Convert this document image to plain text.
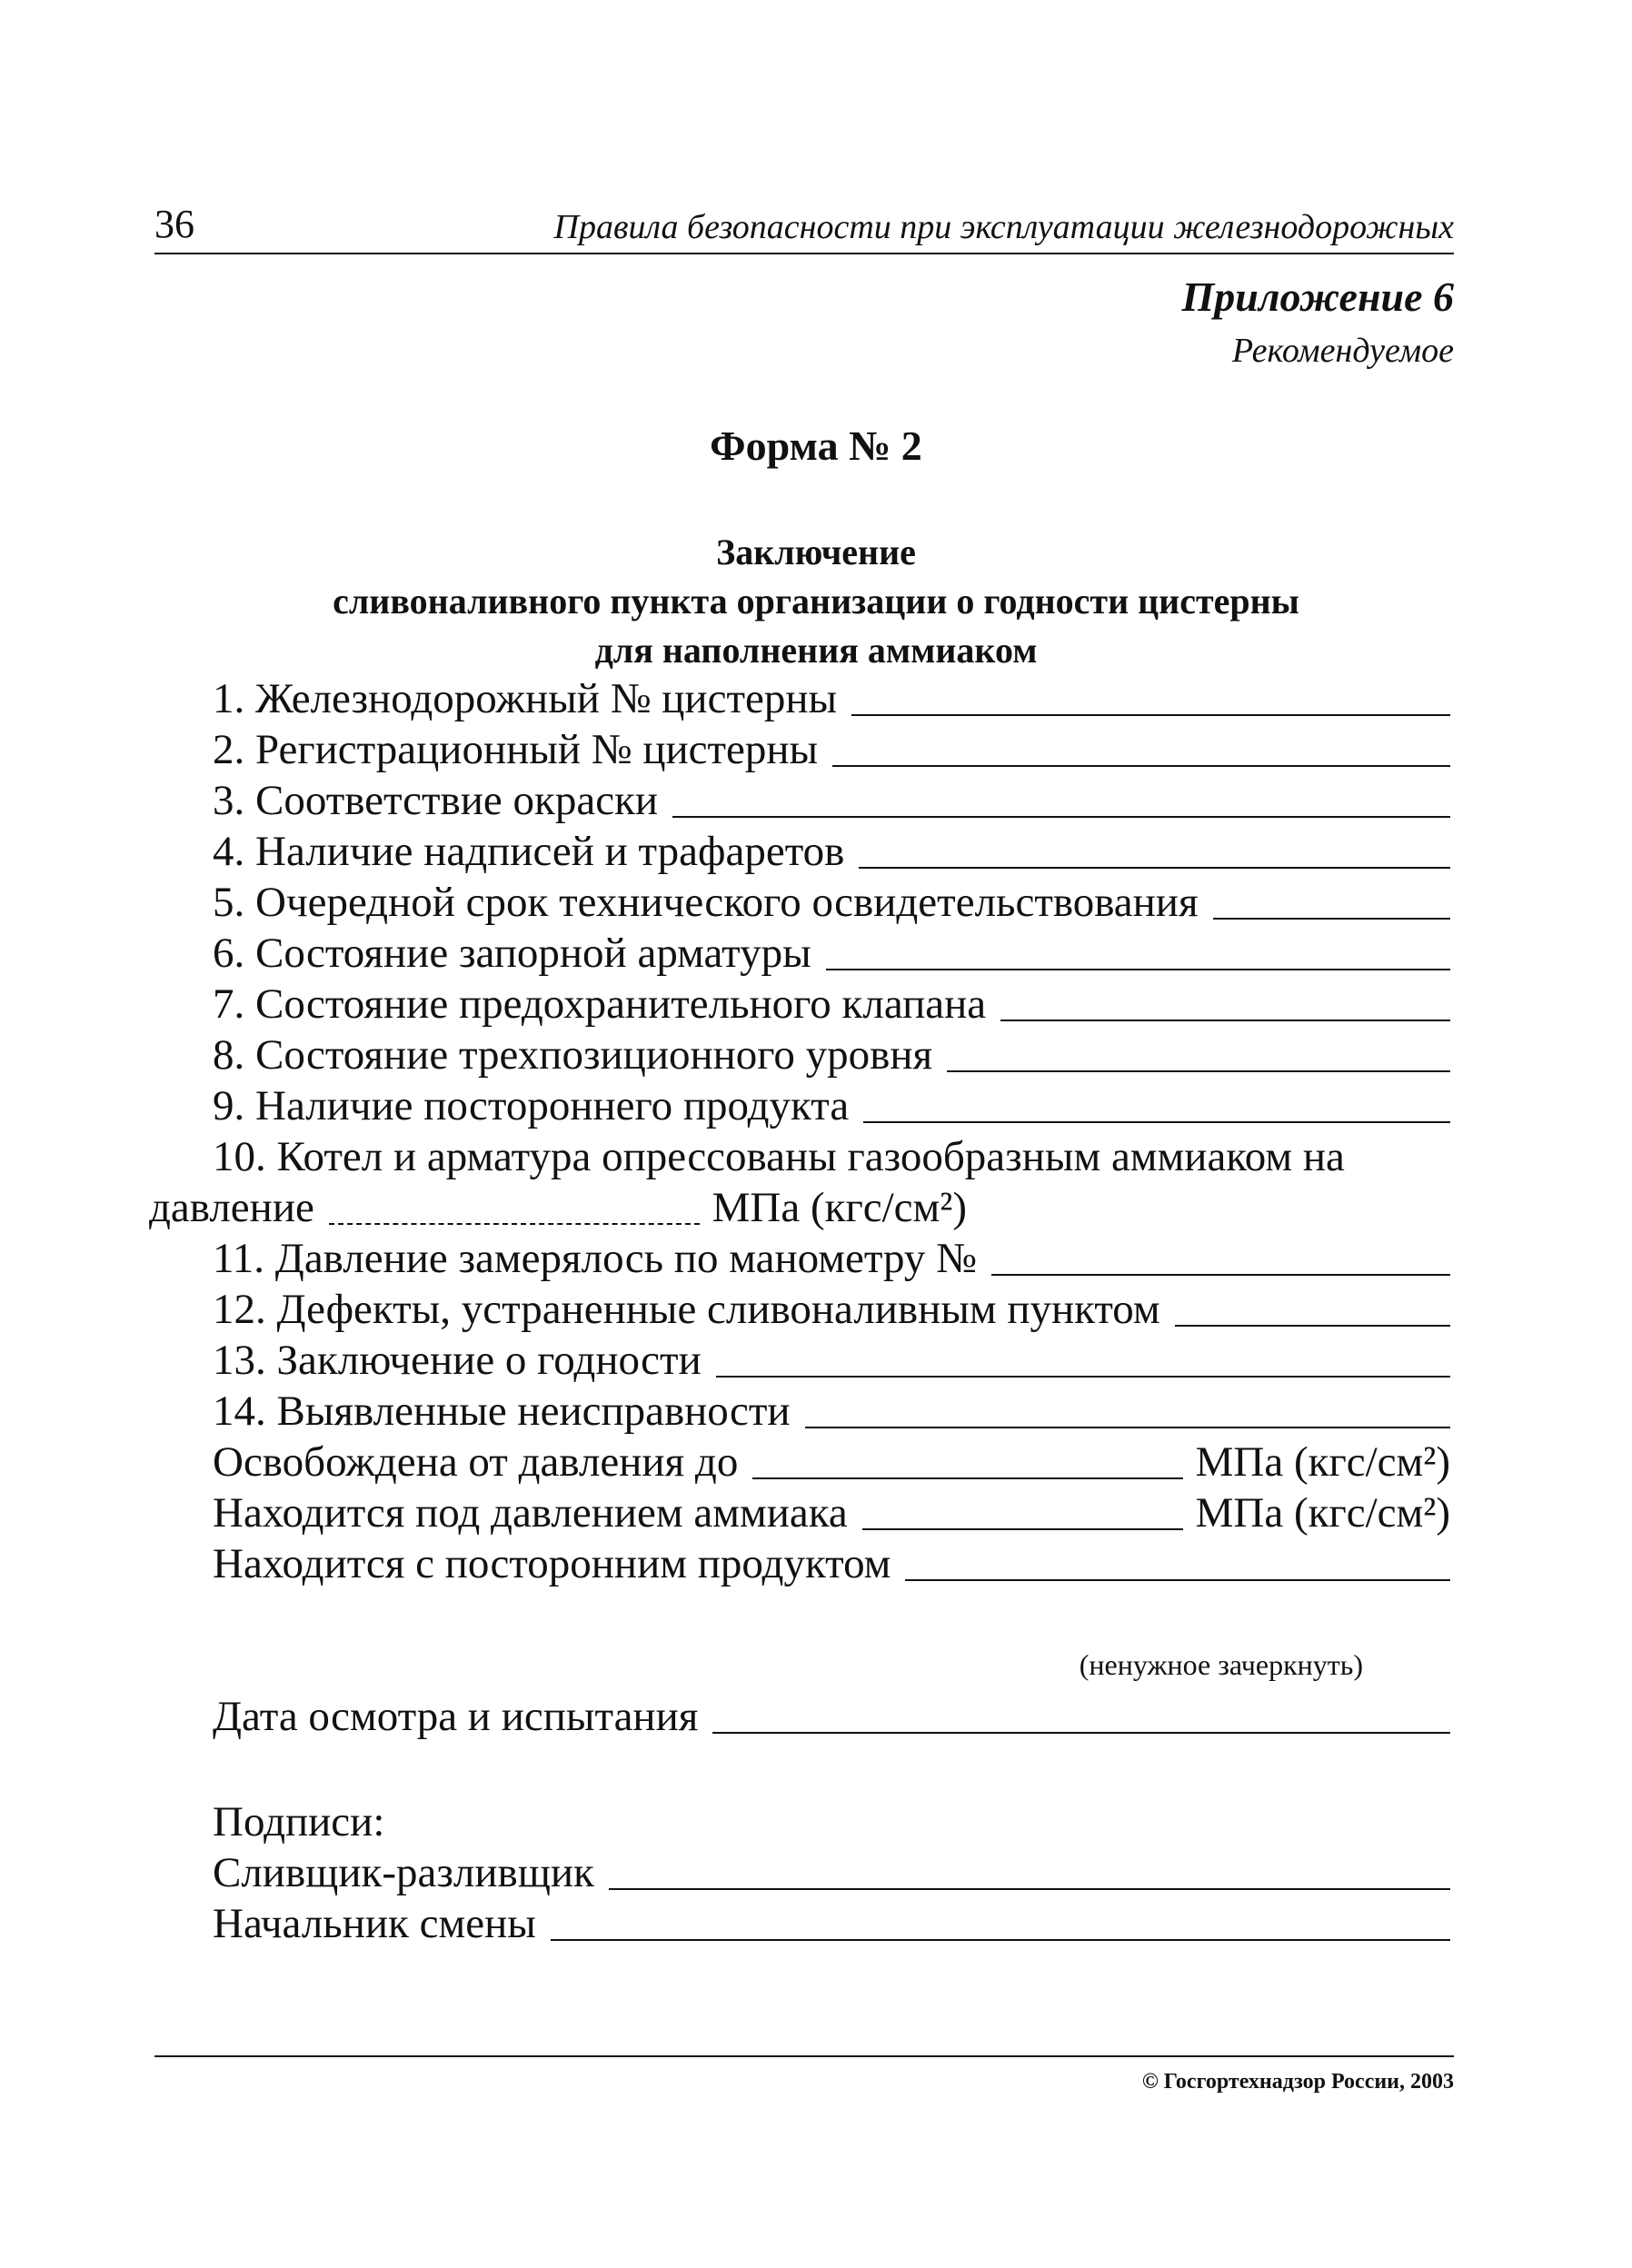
36	Правила безопасности при эксплуатации железнодорожных
Приложение 6
Рекомендуемое
Форма № 2
Заключение
сливоналивного пункта организации о годности цистерны
для наполнения аммиаком
1. Железнодорожный № цистерны
2. Регистрационный № цистерны
3. Соответствие окраски
4. Наличие надписей и трафаретов
5. Очередной срок технического освидетельствования
6. Состояние запорной арматуры
7. Состояние предохранительного клапана
8. Состояние трехпозиционного уровня
9. Наличие постороннего продукта
10. Котел и арматура опрессованы газообразным аммиаком на
давление	МПа (кгс/см²)
11. Давление замерялось по манометру №
12. Дефекты, устраненные сливоналивным пунктом
13. Заключение о годности
14. Выявленные неисправности
Освобождена от давления до	МПа (кгс/см²)
Находится под давлением аммиака	МПа (кгс/см²)
Находится с посторонним продуктом
(ненужное зачеркнуть)
Дата осмотра и испытания
Подписи:
Сливщик-разливщик
Начальник смены
© Госгортехнадзор России, 2003
